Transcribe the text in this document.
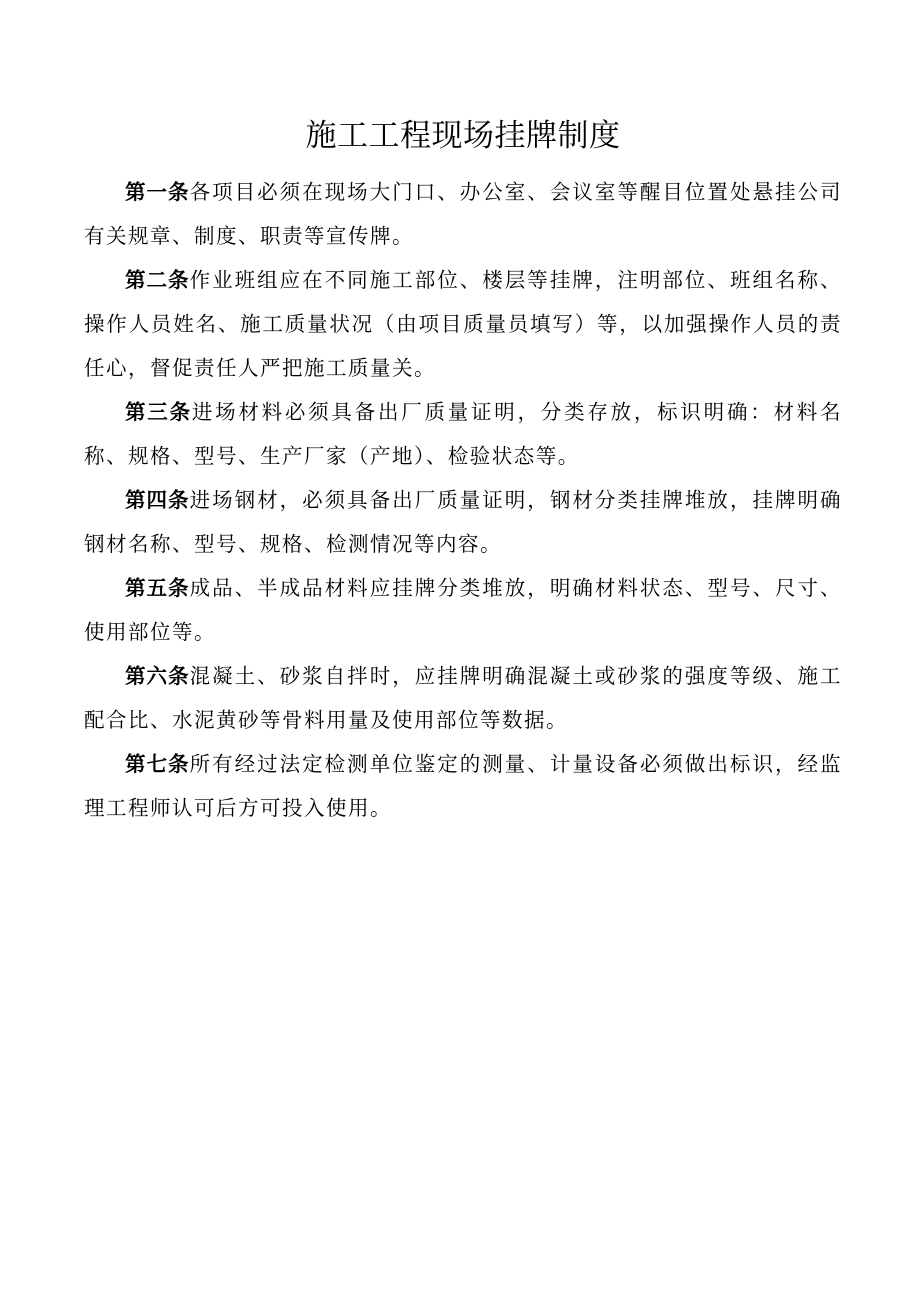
施工工程现场挂牌制度

第一条各项目必须在现场大门口、办公室、会议室等醒目位置处悬挂公司有关规章、制度、职责等宣传牌。

第二条作业班组应在不同施工部位、楼层等挂牌，注明部位、班组名称、操作人员姓名、施工质量状况（由项目质量员填写）等，以加强操作人员的责任心，督促责任人严把施工质量关。

第三条进场材料必须具备出厂质量证明，分类存放，标识明确：材料名称、规格、型号、生产厂家（产地）、检验状态等。

第四条进场钢材，必须具备出厂质量证明，钢材分类挂牌堆放，挂牌明确钢材名称、型号、规格、检测情况等内容。

第五条成品、半成品材料应挂牌分类堆放，明确材料状态、型号、尺寸、使用部位等。

第六条混凝土、砂浆自拌时，应挂牌明确混凝土或砂浆的强度等级、施工配合比、水泥黄砂等骨料用量及使用部位等数据。

第七条所有经过法定检测单位鉴定的测量、计量设备必须做出标识，经监理工程师认可后方可投入使用。
